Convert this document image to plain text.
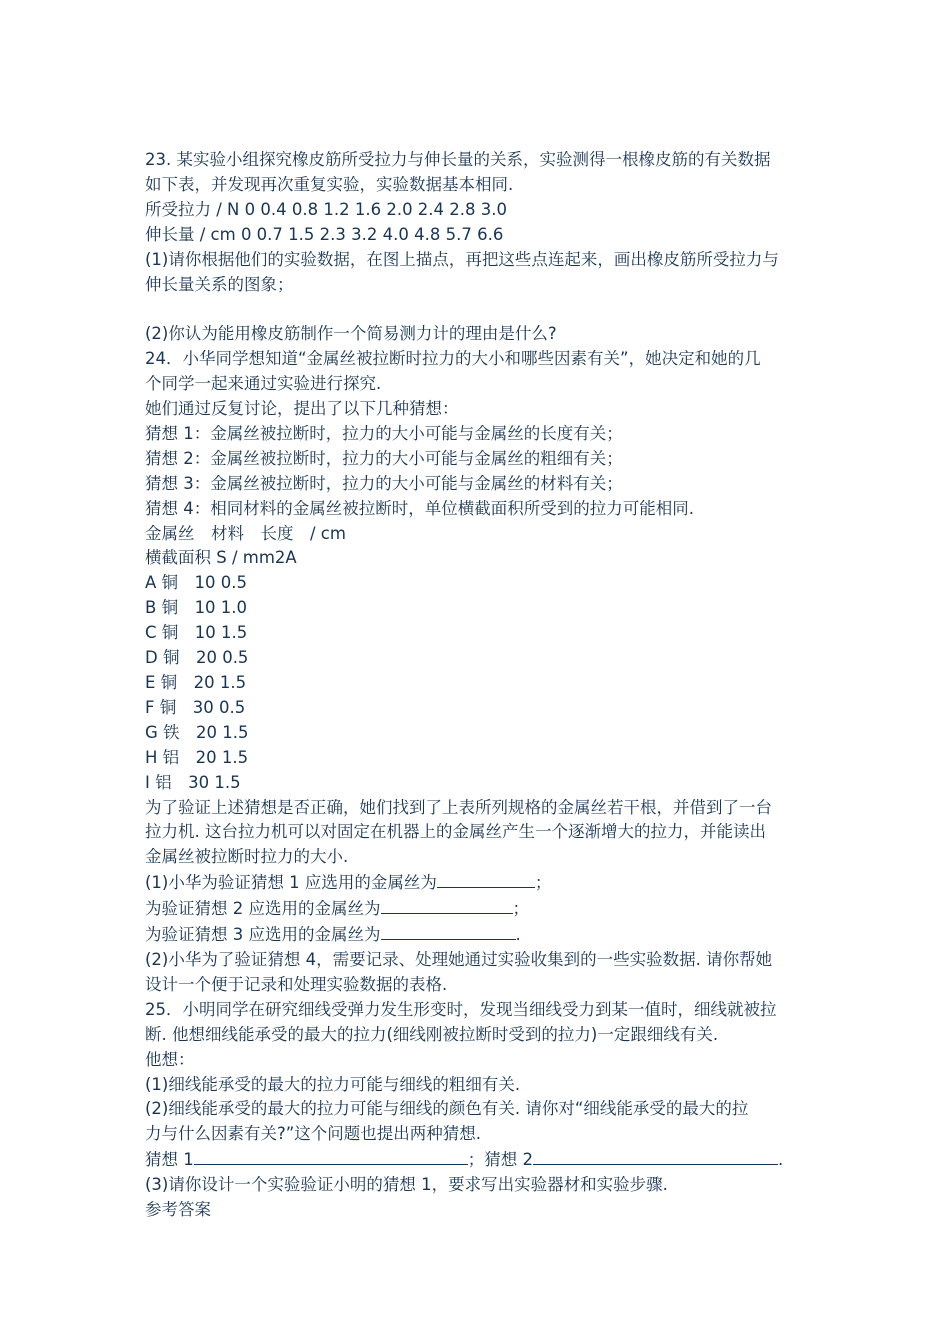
23. 某实验小组探究橡皮筋所受拉力与伸长量的关系，实验测得一根橡皮筋的有关数据
如下表，并发现再次重复实验，实验数据基本相同.
所受拉力 / N 0 0.4 0.8 1.2 1.6 2.0 2.4 2.8 3.0
伸长量 / cm 0 0.7 1.5 2.3 3.2 4.0 4.8 5.7 6.6
(1)请你根据他们的实验数据，在图上描点，再把这些点连起来，画出橡皮筋所受拉力与
伸长量关系的图象；
(2)你认为能用橡皮筋制作一个简易测力计的理由是什么?
24．小华同学想知道“金属丝被拉断时拉力的大小和哪些因素有关”，她决定和她的几
个同学一起来通过实验进行探究.
她们通过反复讨论，提出了以下几种猜想：
猜想 1：金属丝被拉断时，拉力的大小可能与金属丝的长度有关；
猜想 2：金属丝被拉断时，拉力的大小可能与金属丝的粗细有关；
猜想 3：金属丝被拉断时，拉力的大小可能与金属丝的材料有关；
猜想 4：相同材料的金属丝被拉断时，单位横截面积所受到的拉力可能相同.
金属丝　材料　长度　/ cm
横截面积 S / mm2A
A 铜　10 0.5
B 铜　10 1.0
C 铜　10 1.5
D 铜　20 0.5
E 铜　20 1.5
F 铜　30 0.5
G 铁　20 1.5
H 铝　20 1.5
I 铝　30 1.5
为了验证上述猜想是否正确，她们找到了上表所列规格的金属丝若干根，并借到了一台
拉力机. 这台拉力机可以对固定在机器上的金属丝产生一个逐渐增大的拉力，并能读出
金属丝被拉断时拉力的大小.
(1)小华为验证猜想 1 应选用的金属丝为	；
为验证猜想 2 应选用的金属丝为	；
为验证猜想 3 应选用的金属丝为	.
(2)小华为了验证猜想 4，需要记录、处理她通过实验收集到的一些实验数据. 请你帮她
设计一个便于记录和处理实验数据的表格.
25．小明同学在研究细线受弹力发生形变时，发现当细线受力到某一值时，细线就被拉
断. 他想细线能承受的最大的拉力(细线刚被拉断时受到的拉力)一定跟细线有关.
他想：
(1)细线能承受的最大的拉力可能与细线的粗细有关.
(2)细线能承受的最大的拉力可能与细线的颜色有关. 请你对“细线能承受的最大的拉
力与什么因素有关?”这个问题也提出两种猜想.
猜想 1	；猜想 2	.
(3)请你设计一个实验验证小明的猜想 1，要求写出实验器材和实验步骤.
参考答案
